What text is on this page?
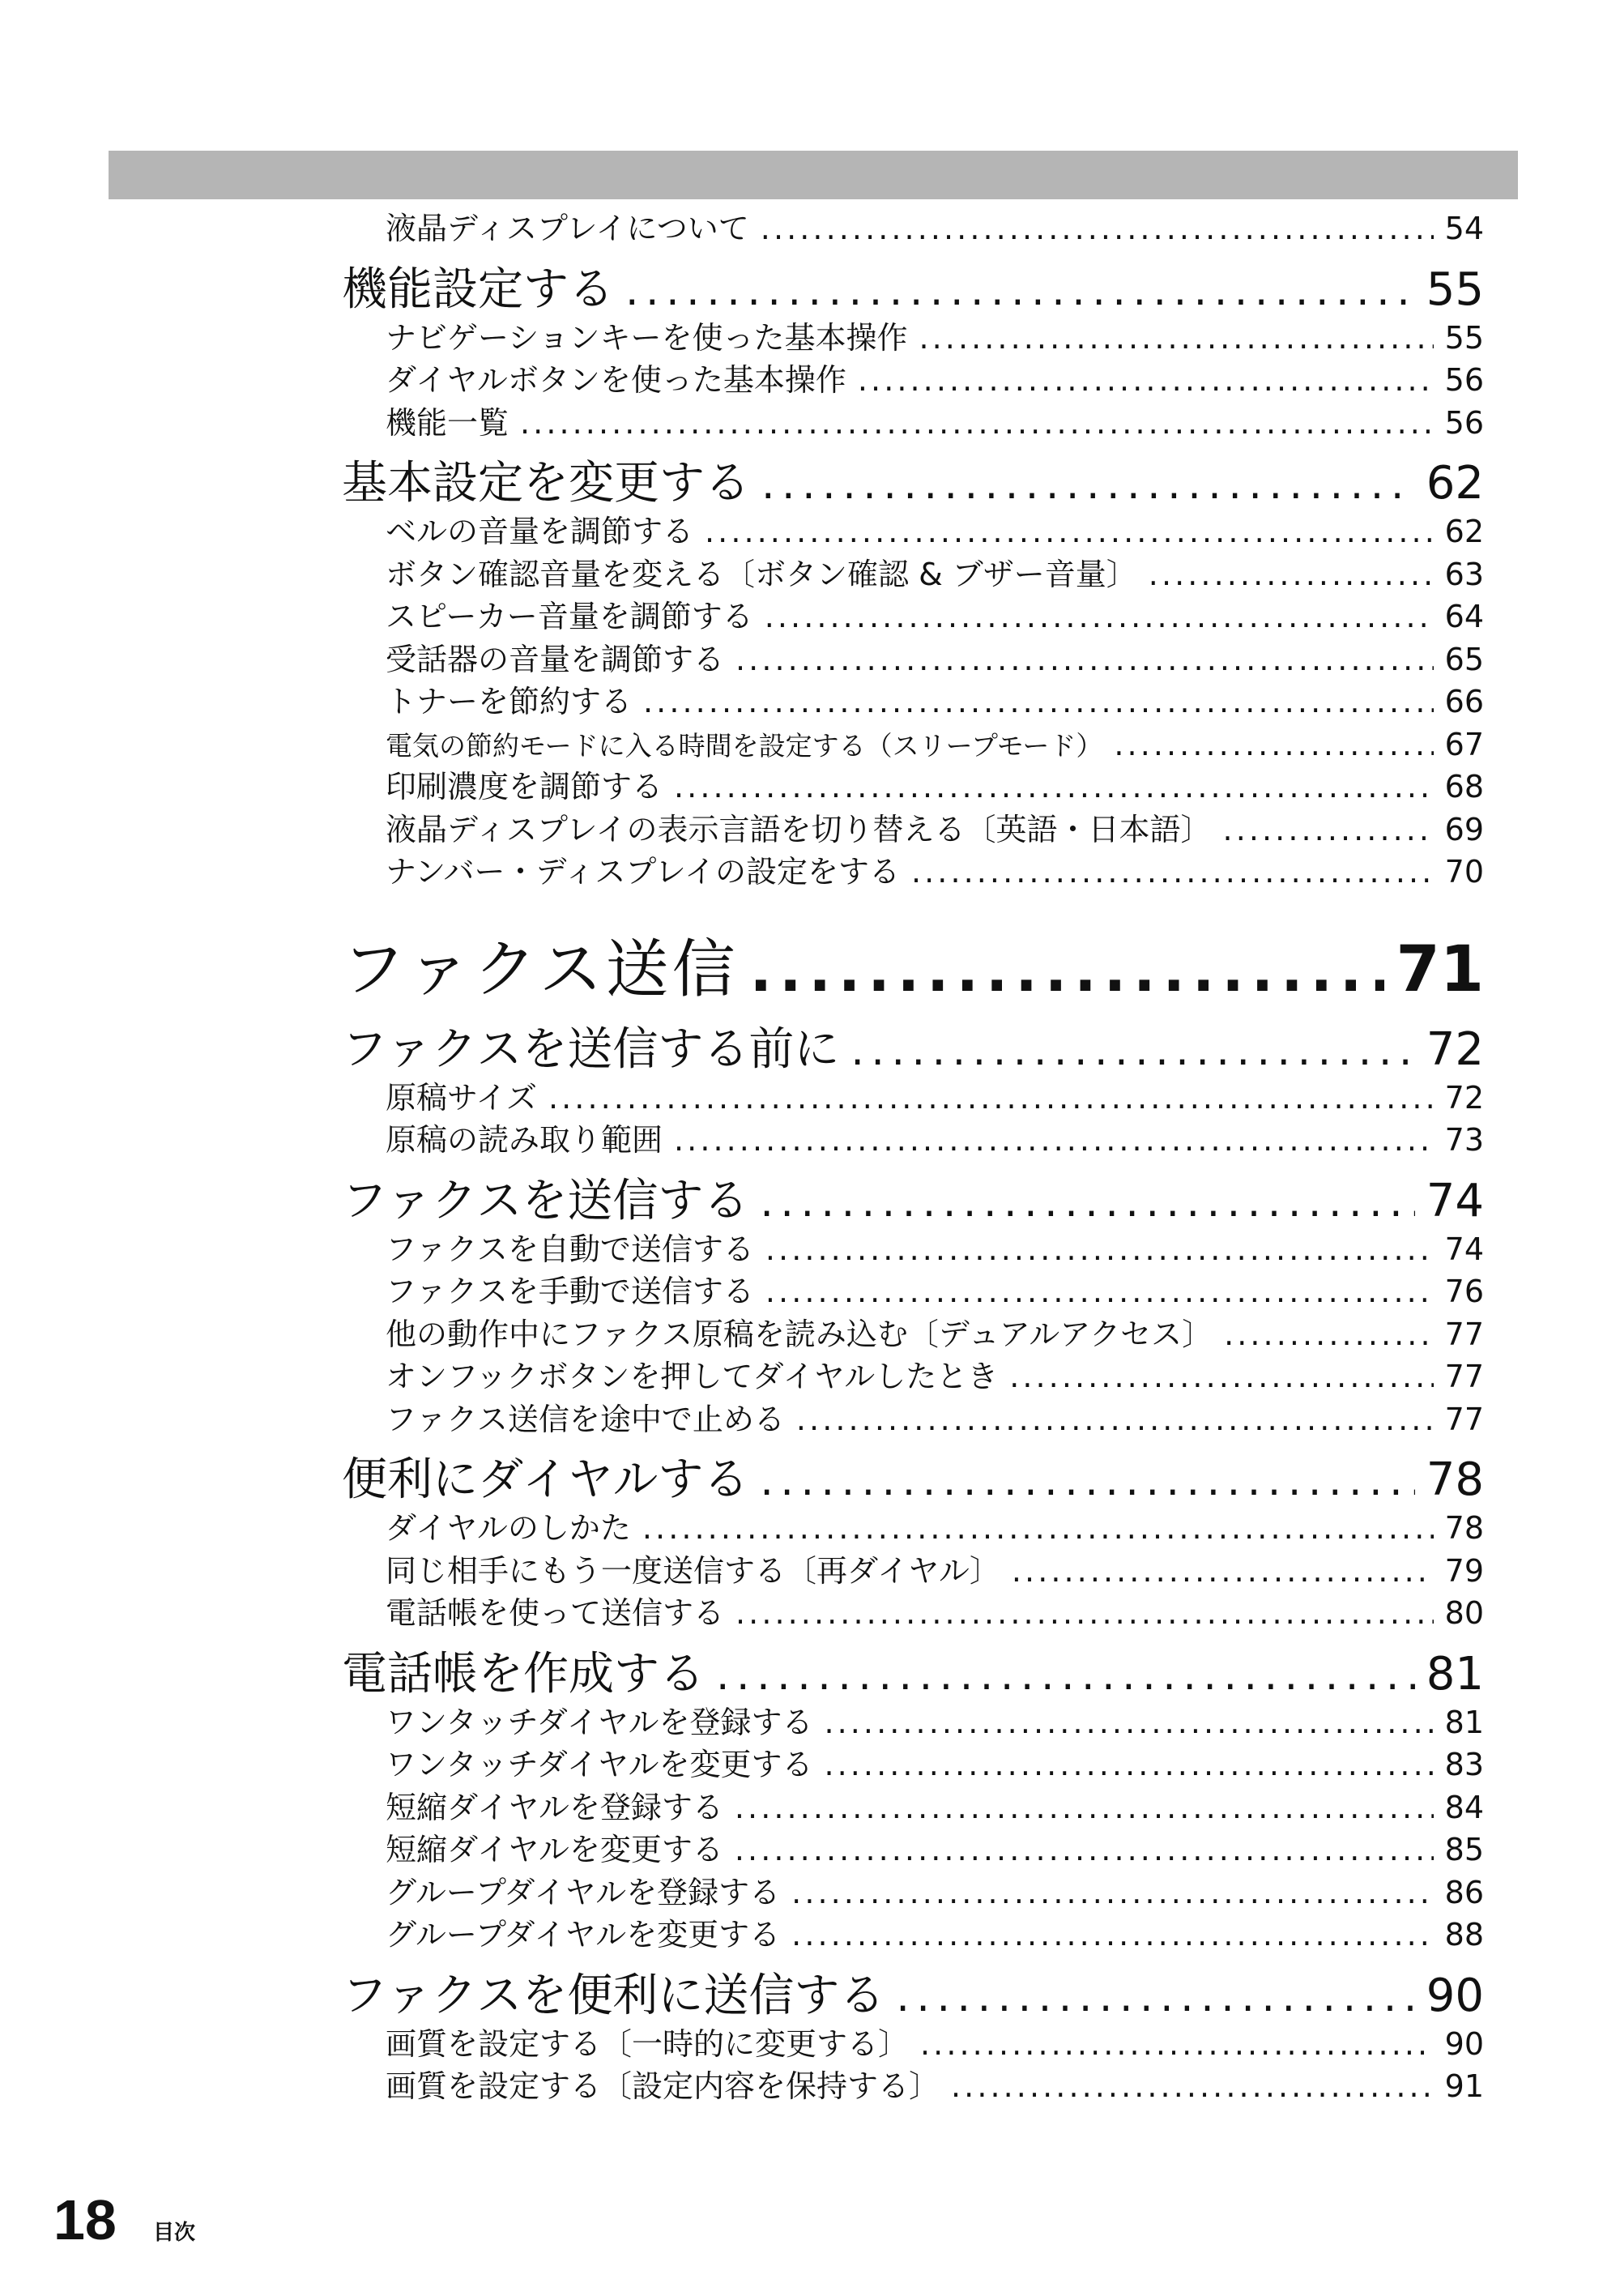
液晶ディスプレイについて . . .	54
機能設定する . . .	55
ナビゲーションキーを使った基本操作 . . .	55
ダイヤルボタンを使った基本操作 . . .	56
機能一覧 . . .	56
基本設定を変更する . . .	62
ベルの音量を調節する . . .	62
ボタン確認音量を変える〔ボタン確認 & ブザー音量〕 . . .	63
スピーカー音量を調節する . . .	64
受話器の音量を調節する . . .	65
トナーを節約する . . .	66
電気の節約モードに入る時間を設定する（スリープモード） . . .	67
印刷濃度を調節する . . .	68
液晶ディスプレイの表示言語を切り替える〔英語・日本語〕 . . .	69
ナンバー・ディスプレイの設定をする . . .	70
ファクス送信 . . .	71
ファクスを送信する前に . . .	72
原稿サイズ . . .	72
原稿の読み取り範囲 . . .	73
ファクスを送信する . . .	74
ファクスを自動で送信する . . .	74
ファクスを手動で送信する . . .	76
他の動作中にファクス原稿を読み込む〔デュアルアクセス〕 . . .	77
オンフックボタンを押してダイヤルしたとき . . .	77
ファクス送信を途中で止める . . .	77
便利にダイヤルする . . .	78
ダイヤルのしかた . . .	78
同じ相手にもう一度送信する〔再ダイヤル〕 . . .	79
電話帳を使って送信する . . .	80
電話帳を作成する . . .	81
ワンタッチダイヤルを登録する . . .	81
ワンタッチダイヤルを変更する . . .	83
短縮ダイヤルを登録する . . .	84
短縮ダイヤルを変更する . . .	85
グループダイヤルを登録する . . .	86
グループダイヤルを変更する . . .	88
ファクスを便利に送信する . . .	90
画質を設定する〔一時的に変更する〕 . . .	90
画質を設定する〔設定内容を保持する〕 . . .	91
18 目次
